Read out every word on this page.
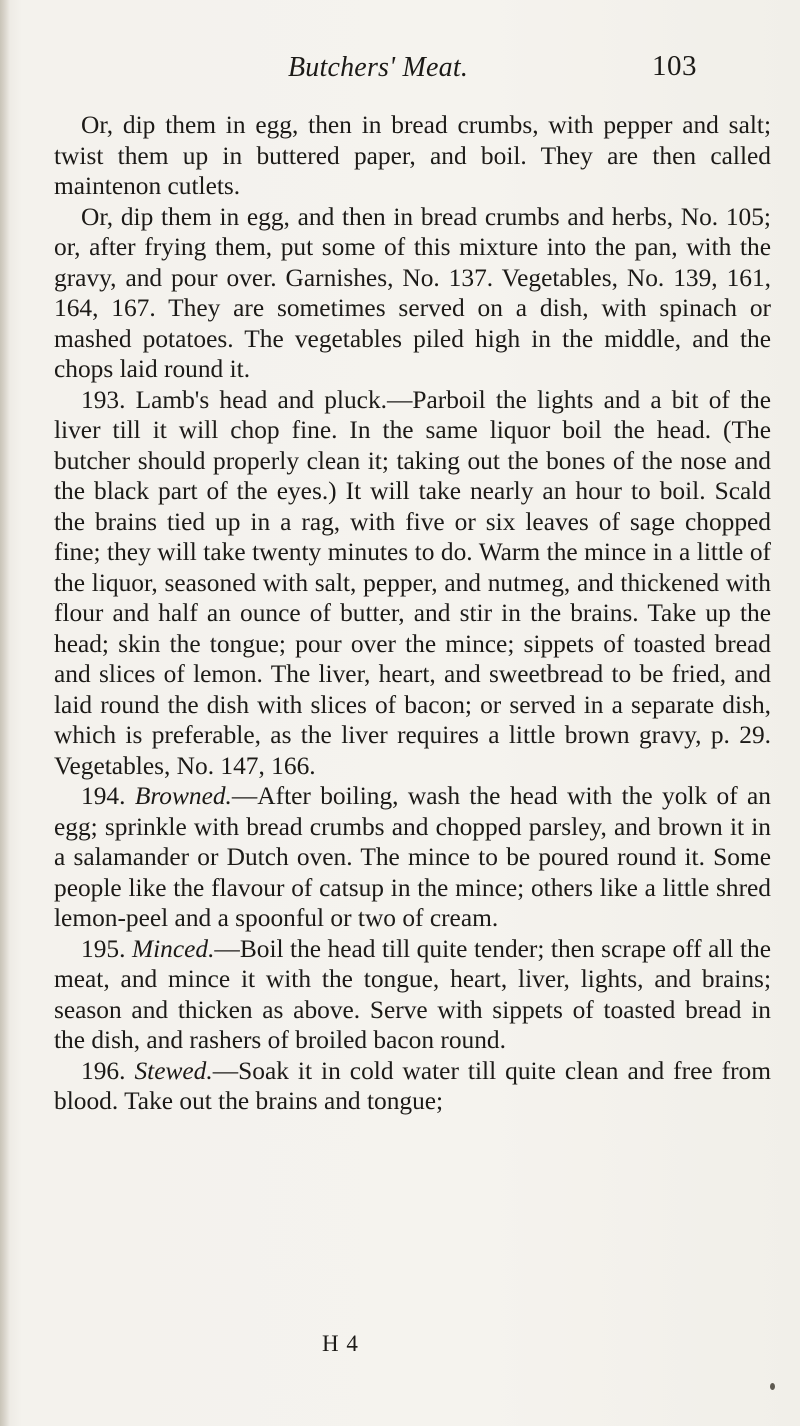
Butchers' Meat.	103

Or, dip them in egg, then in bread crumbs, with pepper and salt; twist them up in buttered paper, and boil. They are then called maintenon cutlets.

Or, dip them in egg, and then in bread crumbs and herbs, No. 105; or, after frying them, put some of this mixture into the pan, with the gravy, and pour over. Garnishes, No. 137. Vegetables, No. 139, 161, 164, 167. They are sometimes served on a dish, with spinach or mashed potatoes. The vegetables piled high in the middle, and the chops laid round it.

193. Lamb's head and pluck.—Parboil the lights and a bit of the liver till it will chop fine. In the same liquor boil the head. (The butcher should properly clean it; taking out the bones of the nose and the black part of the eyes.) It will take nearly an hour to boil. Scald the brains tied up in a rag, with five or six leaves of sage chopped fine; they will take twenty minutes to do. Warm the mince in a little of the liquor, seasoned with salt, pepper, and nutmeg, and thickened with flour and half an ounce of butter, and stir in the brains. Take up the head; skin the tongue; pour over the mince; sippets of toasted bread and slices of lemon. The liver, heart, and sweetbread to be fried, and laid round the dish with slices of bacon; or served in a separate dish, which is preferable, as the liver requires a little brown gravy, p. 29. Vegetables, No. 147, 166.

194. Browned.—After boiling, wash the head with the yolk of an egg; sprinkle with bread crumbs and chopped parsley, and brown it in a salamander or Dutch oven. The mince to be poured round it. Some people like the flavour of catsup in the mince; others like a little shred lemon-peel and a spoonful or two of cream.

195. Minced.—Boil the head till quite tender; then scrape off all the meat, and mince it with the tongue, heart, liver, lights, and brains; season and thicken as above. Serve with sippets of toasted bread in the dish, and rashers of broiled bacon round.

196. Stewed.—Soak it in cold water till quite clean and free from blood. Take out the brains and tongue;

H 4
